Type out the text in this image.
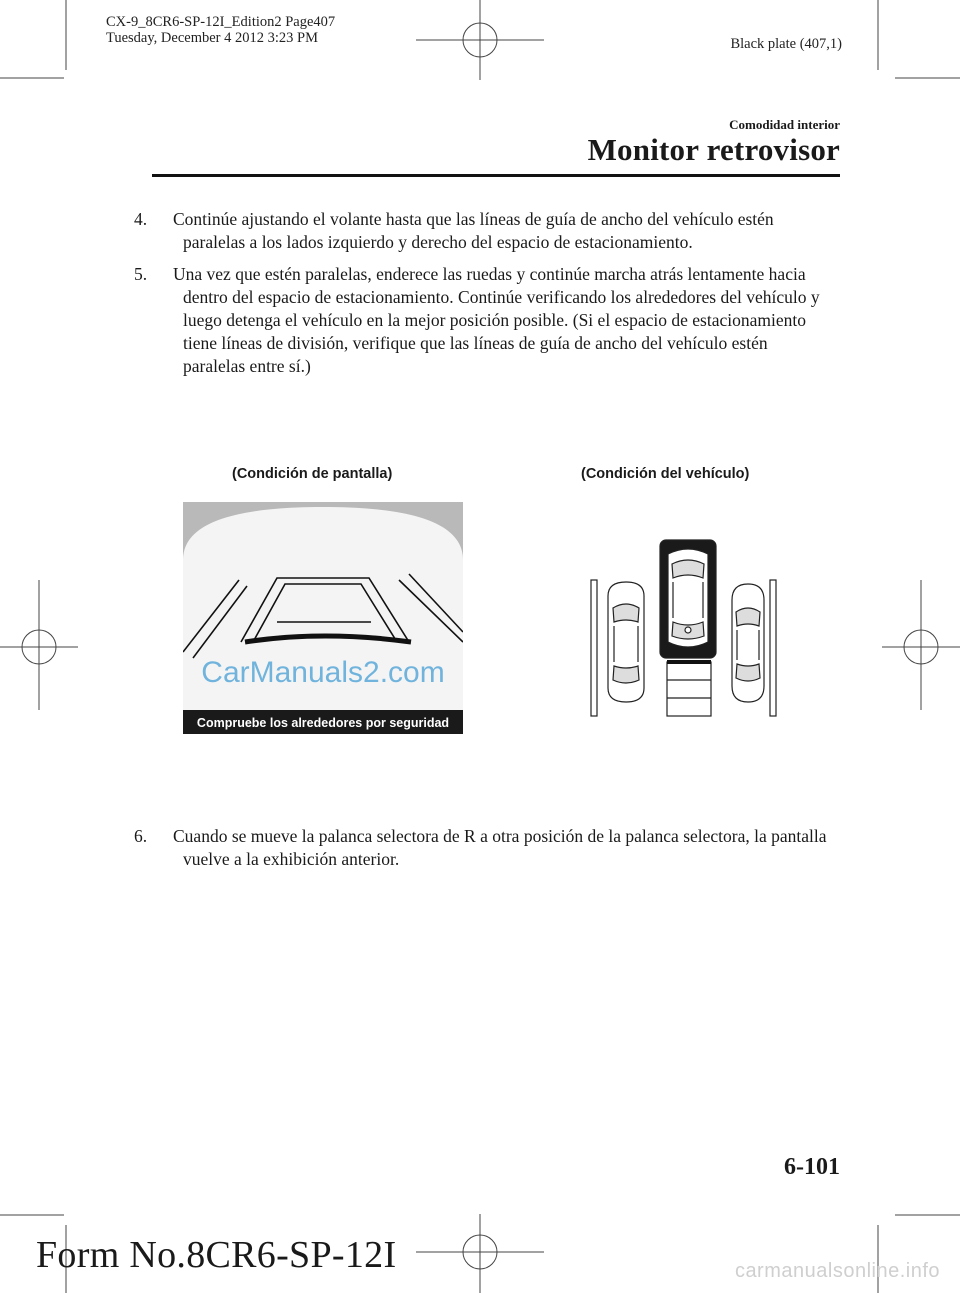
CX-9_8CR6-SP-12I_Edition2 Page407
Tuesday, December 4 2012 3:23 PM	Black plate (407,1)
Comodidad interior
Monitor retrovisor
4. Continúe ajustando el volante hasta que las líneas de guía de ancho del vehículo estén paralelas a los lados izquierdo y derecho del espacio de estacionamiento.
5. Una vez que estén paralelas, enderece las ruedas y continúe marcha atrás lentamente hacia dentro del espacio de estacionamiento. Continúe verificando los alrededores del vehículo y luego detenga el vehículo en la mejor posición posible. (Si el espacio de estacionamiento tiene líneas de división, verifique que las líneas de guía de ancho del vehículo estén paralelas entre sí.)
(Condición de pantalla)	(Condición del vehículo)
CarManuals2.com
Compruebe los alrededores por seguridad
6. Cuando se mueve la palanca selectora de R a otra posición de la palanca selectora, la pantalla vuelve a la exhibición anterior.
6-101
Form No.8CR6-SP-12I	carmanualsonline.info
